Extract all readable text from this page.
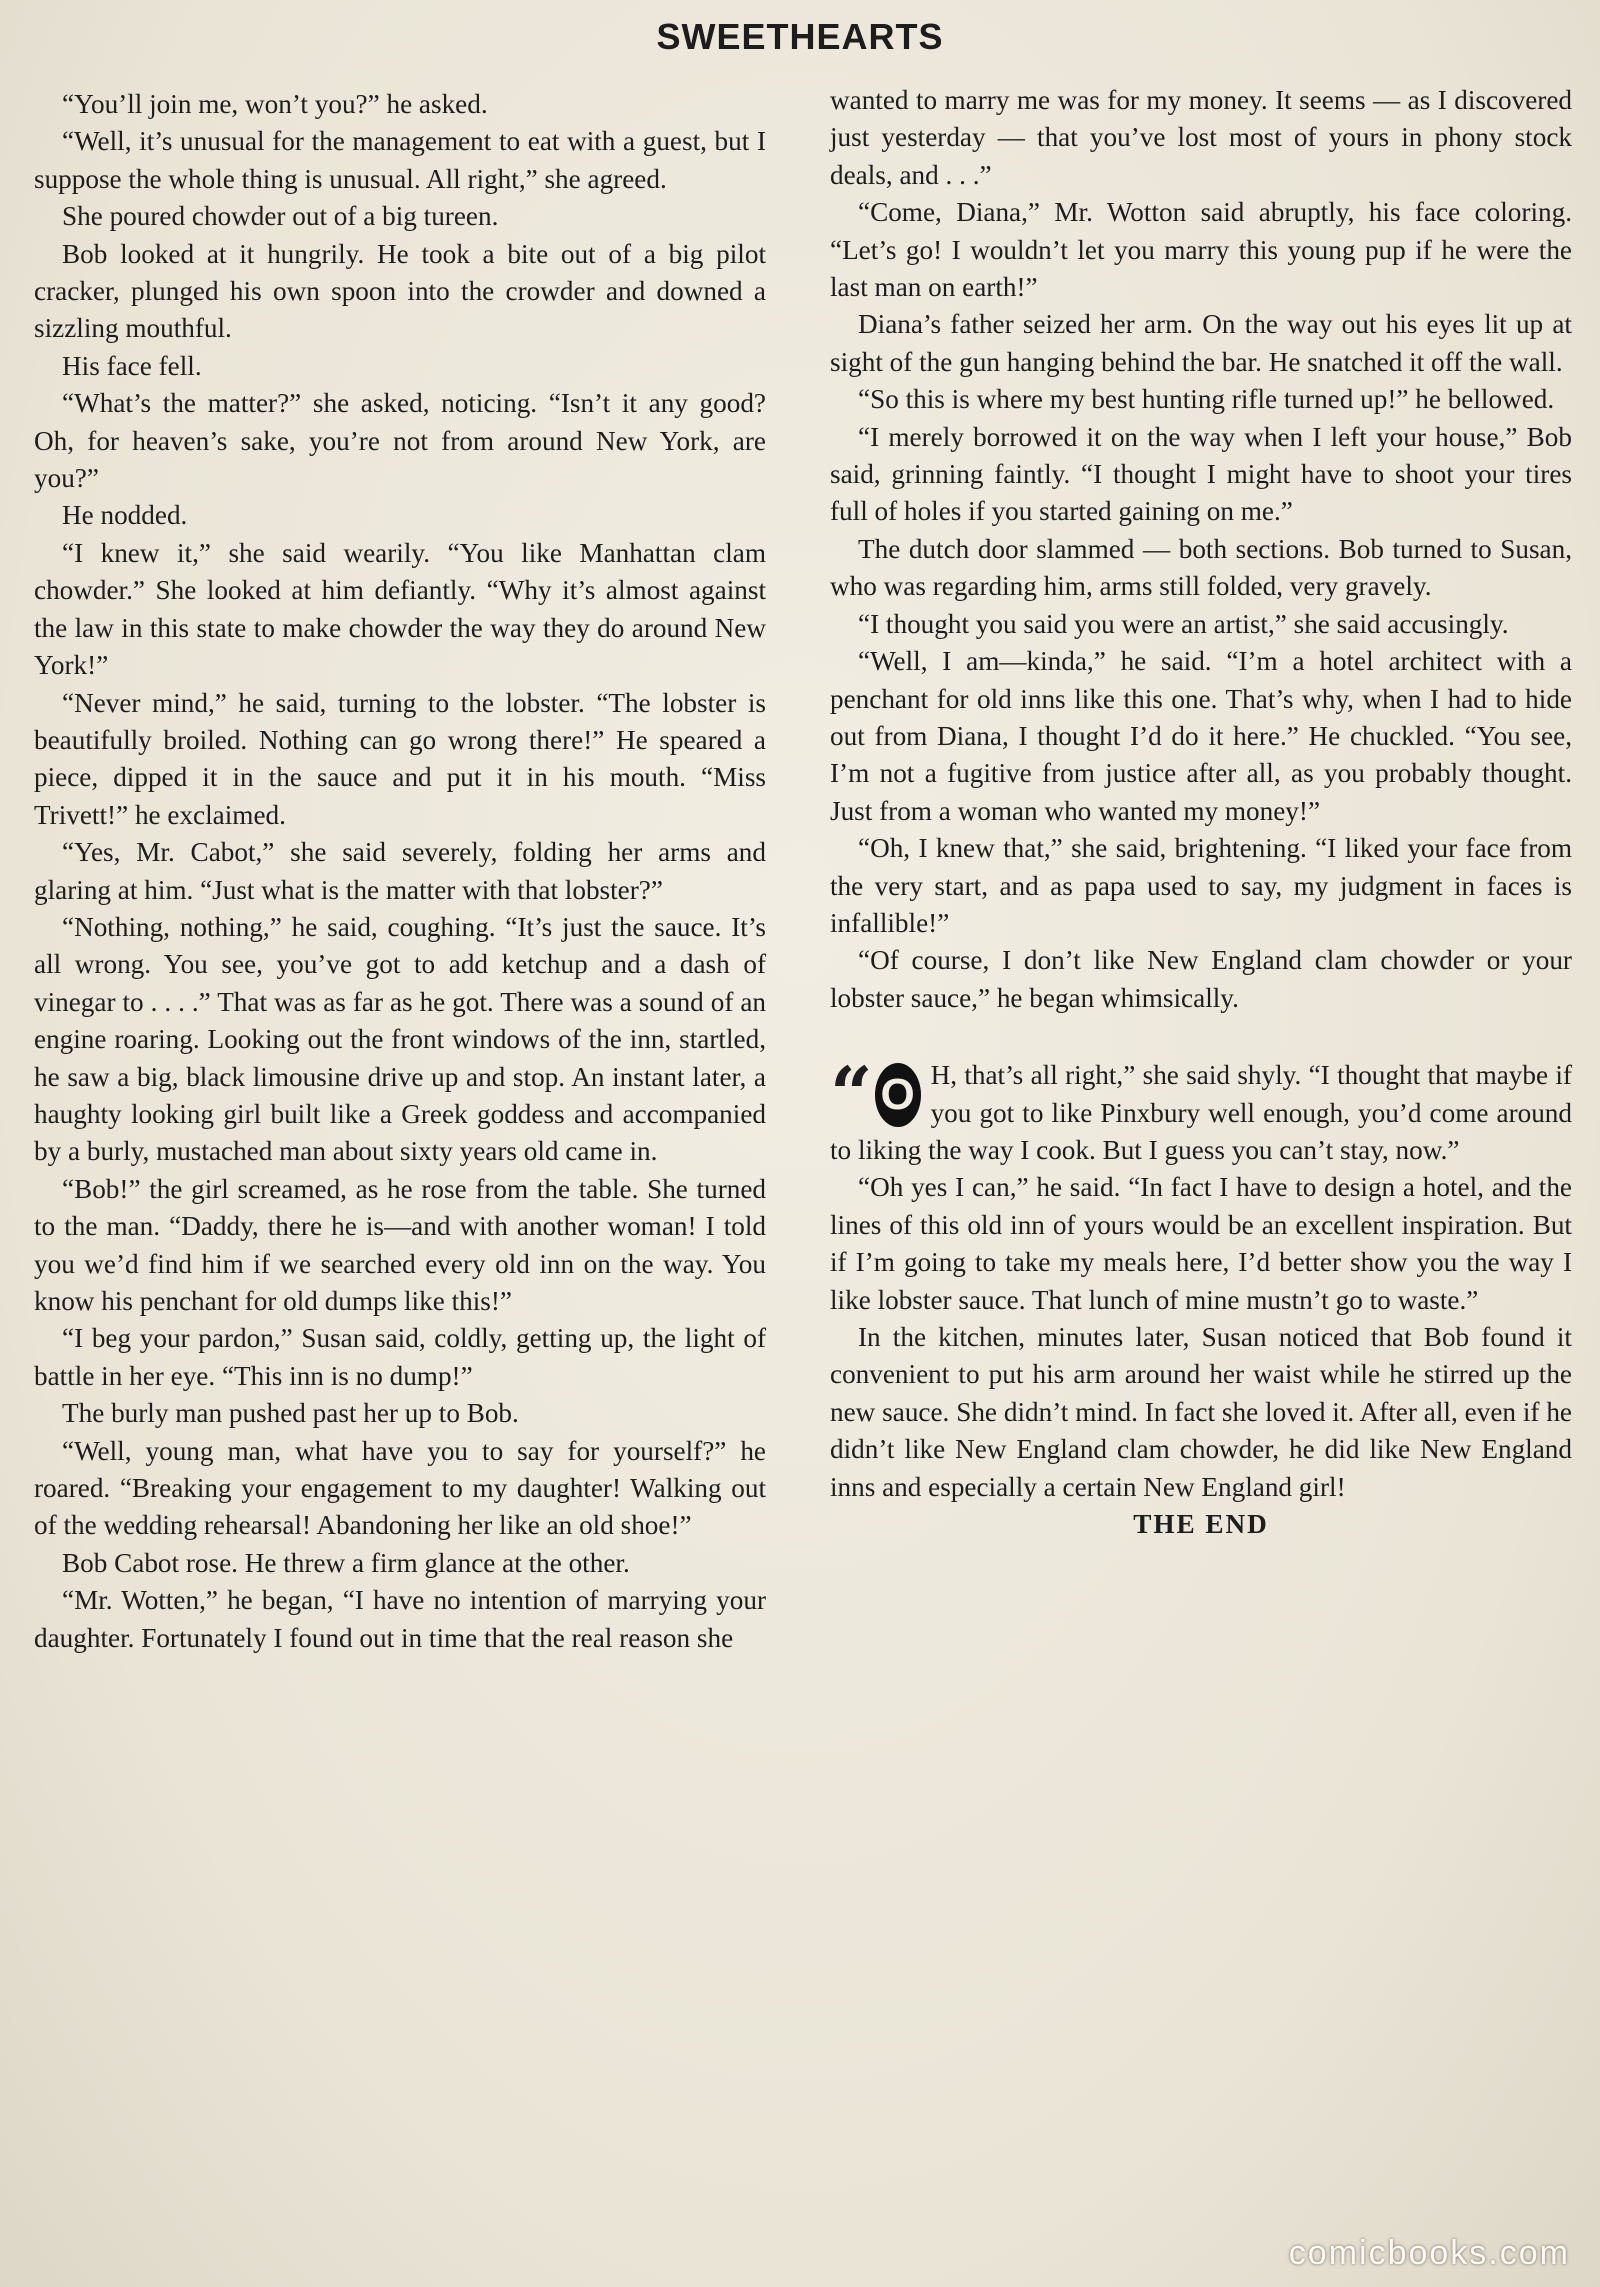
SWEETHEARTS

“You’ll join me, won’t you?” he asked.

“Well, it’s unusual for the management to eat with a guest, but I suppose the whole thing is unusual. All right,” she agreed.

She poured chowder out of a big tureen.

Bob looked at it hungrily. He took a bite out of a big pilot cracker, plunged his own spoon into the crowder and downed a sizzling mouthful.

His face fell.

“What’s the matter?” she asked, noticing. “Isn’t it any good? Oh, for heaven’s sake, you’re not from around New York, are you?”

He nodded.

“I knew it,” she said wearily. “You like Manhattan clam chowder.” She looked at him defiantly. “Why it’s almost against the law in this state to make chowder the way they do around New York!”

“Never mind,” he said, turning to the lobster. “The lobster is beautifully broiled. Nothing can go wrong there!” He speared a piece, dipped it in the sauce and put it in his mouth. “Miss Trivett!” he exclaimed.

“Yes, Mr. Cabot,” she said severely, folding her arms and glaring at him. “Just what is the matter with that lobster?”

“Nothing, nothing,” he said, coughing. “It’s just the sauce. It’s all wrong. You see, you’ve got to add ketchup and a dash of vinegar to . . . .” That was as far as he got. There was a sound of an engine roaring. Looking out the front windows of the inn, startled, he saw a big, black limousine drive up and stop. An instant later, a haughty looking girl built like a Greek goddess and accompanied by a burly, mustached man about sixty years old came in.

“Bob!” the girl screamed, as he rose from the table. She turned to the man. “Daddy, there he is—and with another woman! I told you we’d find him if we searched every old inn on the way. You know his penchant for old dumps like this!”

“I beg your pardon,” Susan said, coldly, getting up, the light of battle in her eye. “This inn is no dump!”

The burly man pushed past her up to Bob.

“Well, young man, what have you to say for yourself?” he roared. “Breaking your engagement to my daughter! Walking out of the wedding rehearsal! Abandoning her like an old shoe!”

Bob Cabot rose. He threw a firm glance at the other.

“Mr. Wotten,” he began, “I have no intention of marrying your daughter. Fortunately I found out in time that the real reason she

wanted to marry me was for my money. It seems — as I discovered just yesterday — that you’ve lost most of yours in phony stock deals, and . . .”

“Come, Diana,” Mr. Wotton said abruptly, his face coloring. “Let’s go! I wouldn’t let you marry this young pup if he were the last man on earth!”

Diana’s father seized her arm. On the way out his eyes lit up at sight of the gun hanging behind the bar. He snatched it off the wall.

“So this is where my best hunting rifle turned up!” he bellowed.

“I merely borrowed it on the way when I left your house,” Bob said, grinning faintly. “I thought I might have to shoot your tires full of holes if you started gaining on me.”

The dutch door slammed — both sections. Bob turned to Susan, who was regarding him, arms still folded, very gravely.

“I thought you said you were an artist,” she said accusingly.

“Well, I am—kinda,” he said. “I’m a hotel architect with a penchant for old inns like this one. That’s why, when I had to hide out from Diana, I thought I’d do it here.” He chuckled. “You see, I’m not a fugitive from justice after all, as you probably thought. Just from a woman who wanted my money!”

“Oh, I knew that,” she said, brightening. “I liked your face from the very start, and as papa used to say, my judgment in faces is infallible!”

“Of course, I don’t like New England clam chowder or your lobster sauce,” he began whimsically.

“ O H, that’s all right,” she said shyly. “I thought that maybe if you got to like Pinxbury well enough, you’d come around to liking the way I cook. But I guess you can’t stay, now.”

“Oh yes I can,” he said. “In fact I have to design a hotel, and the lines of this old inn of yours would be an excellent inspiration. But if I’m going to take my meals here, I’d better show you the way I like lobster sauce. That lunch of mine mustn’t go to waste.”

In the kitchen, minutes later, Susan noticed that Bob found it convenient to put his arm around her waist while he stirred up the new sauce. She didn’t mind. In fact she loved it. After all, even if he didn’t like New England clam chowder, he did like New England inns and especially a certain New England girl!

THE END

comicbooks.com
